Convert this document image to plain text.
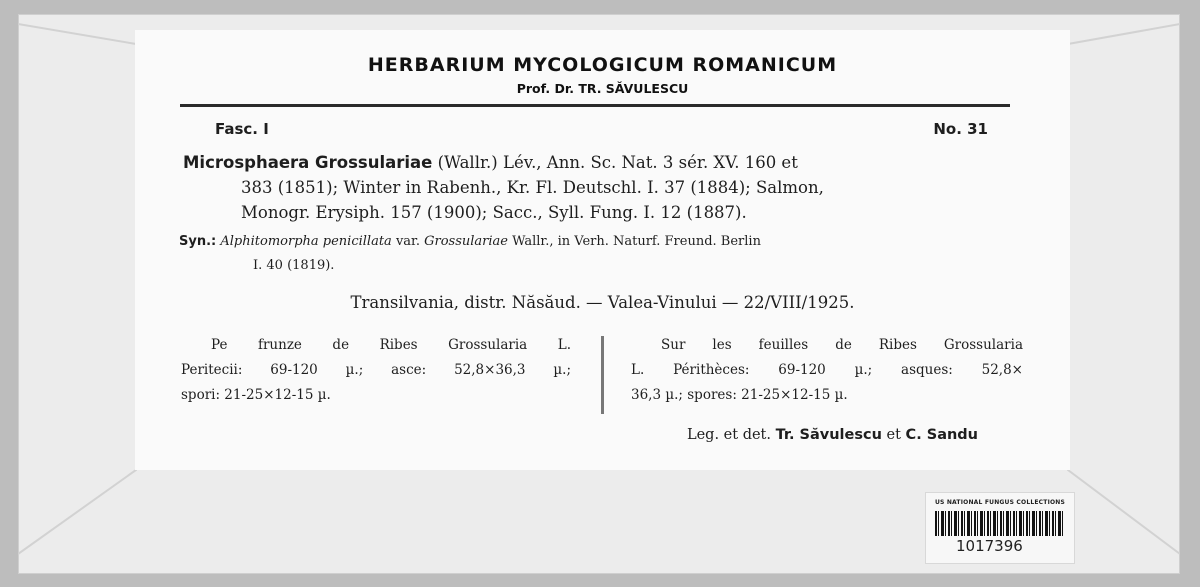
HERBARIUM MYCOLOGICUM ROMANICUM
Prof. Dr. TR. SĂVULESCU
Fasc. I	No. 31
Microsphaera Grossulariae (Wallr.) Lév., Ann. Sc. Nat. 3 sér. XV. 160 et
383 (1851); Winter in Rabenh., Kr. Fl. Deutschl. I. 37 (1884); Salmon,
Monogr. Erysiph. 157 (1900); Sacc., Syll. Fung. I. 12 (1887).
Syn.: Alphitomorpha penicillata var. Grossulariae Wallr., in Verh. Naturf. Freund. Berlin
I. 40 (1819).
Transilvania, distr. Năsăud. — Valea-Vinului — 22/VIII/1925.
Pe frunze de Ribes Grossularia L.
Peritecii: 69-120 µ.; asce: 52,8×36,3 µ.;
spori: 21-25×12-15 µ.
Sur les feuilles de Ribes Grossularia
L. Périthèces: 69-120 µ.; asques: 52,8×
36,3 µ.; spores: 21-25×12-15 µ.
Leg. et det. Tr. Săvulescu et C. Sandu
US NATIONAL FUNGUS COLLECTIONS
1017396
